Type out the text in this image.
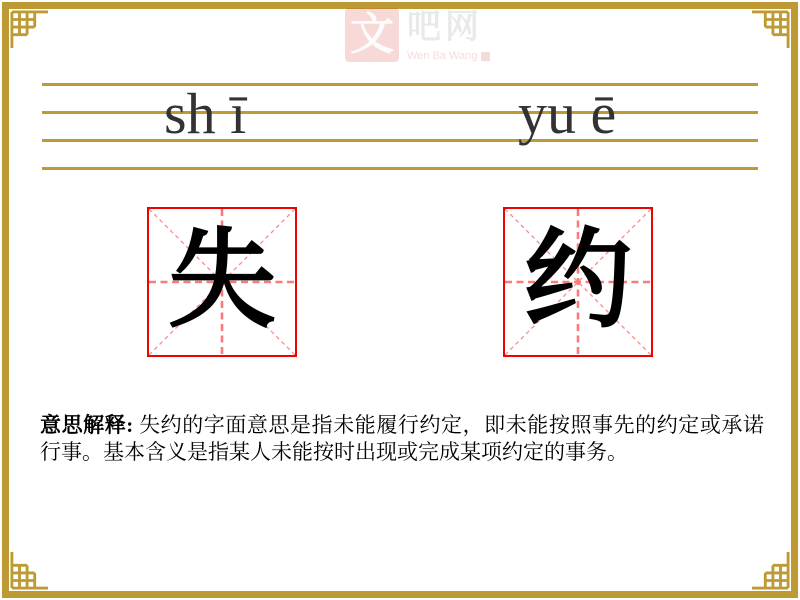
文 吧网
Wen Ba Wang
sh ī	yu ē
失 约
意思解释: 失约的字面意思是指未能履行约定，即未能按照事先的约定或承诺行事。基本含义是指某人未能按时出现或完成某项约定的事务。
